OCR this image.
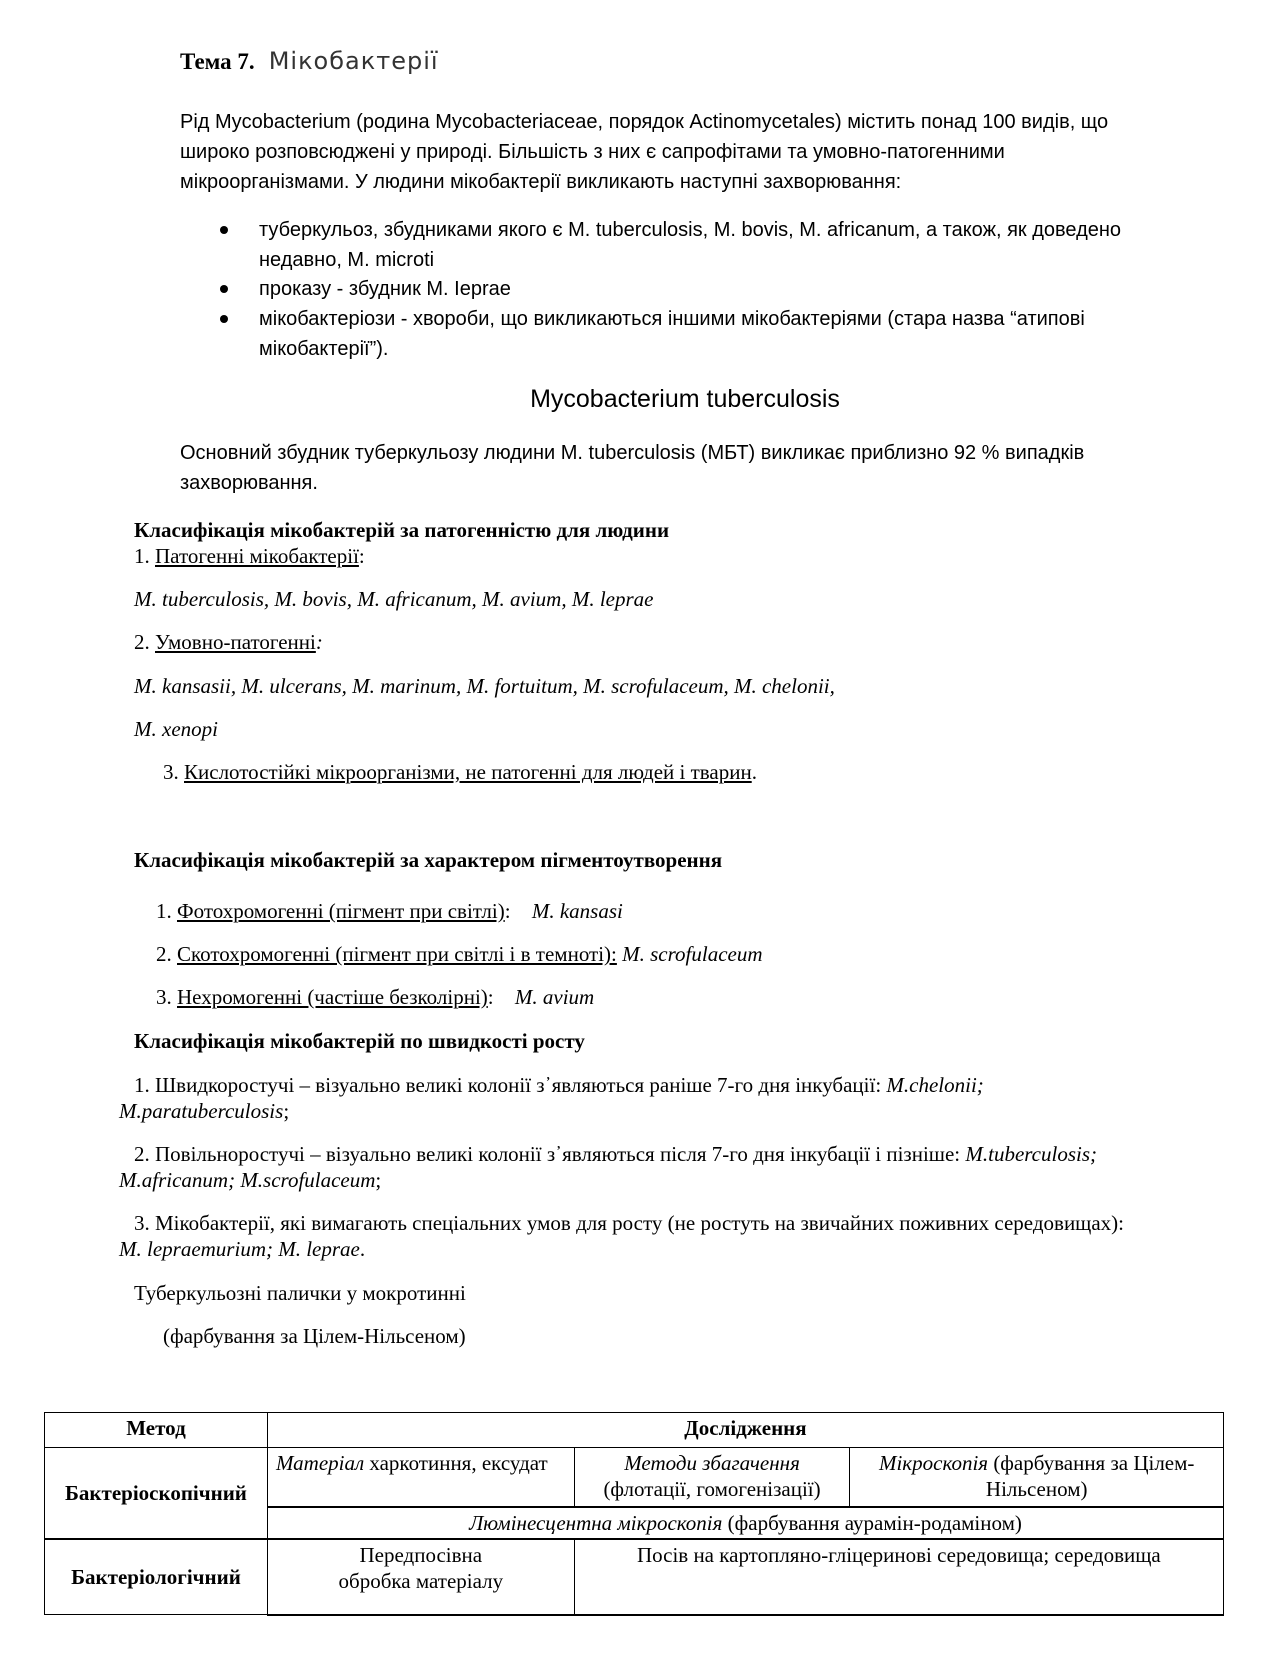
Тема 7. Мікобактерії
Рід Mycobacterium (родина Mycobacteriaceae, порядок Actinomycetales) містить понад 100 видів, що
широко розповсюджені у природі. Більшість з них є сапрофітами та умовно-патогенними
мікроорганізмами. У людини мікобактерії викликають наступні захворювання:
туберкульоз, збудниками якого є M. tuberculosis, M. bovis, M. africanum, а також, як доведено
недавно, M. microti
проказу - збудник M. Ieprae
мікобактеріози - хвороби, що викликаються іншими мікобактеріями (стара назва “атипові
мікобактерії”).
Mycobacterium tuberculosis
Основний збудник туберкульозу людини M. tuberculosis (МБТ) викликає приблизно 92 % випадків
захворювання.
Класифікація мікобактерій за патогенністю для людини
1. Патогенні мікобактерії:
M. tuberculosis, M. bovis, M. africanum, M. avium, M. leprae
2. Умовно-патогенні:
M. kansasii, M. ulcerans, M. marinum, M. fortuitum, M. scrofulaceum, M. chelonii,
M. xenopi
3. Кислотостійкі мікроорганізми, не патогенні для людей і тварин.
Класифікація мікобактерій за характером пігментоутворення
1. Фотохромогенні (пігмент при світлі): M. kansasi
2. Скотохромогенні (пігмент при світлі і в темноті): M. scrofulaceum
3. Нехромогенні (частіше безколірні): M. avium
Класифікація мікобактерій по швидкості росту
1. Швидкоростучі – візуально великі колонії з᾿являються раніше 7-го дня інкубації: M.chelonii;
M.paratuberculosis;
2. Повільноростучі – візуально великі колонії з᾿являються після 7-го дня інкубації і пізніше: M.tuberculosis;
M.africanum; M.scrofulaceum;
3. Мікобактерії, які вимагають спеціальних умов для росту (не ростуть на звичайних поживних середовищах):
M. lepraemurium; M. leprae.
Туберкульозні палички у мокротинні
(фарбування за Цілем-Нільсеном)
Метод	Дослідження		
Бактеріоскопічний	Матеріал харкотиння, ексудат	Методи збагачення
(флотації, гомогенізації)	Мікроскопія (фарбування за Цілем-Нільсеном)
	Люмінесцентна мікроскопія (фарбування аурамін-родаміном)		
Бактеріологічний	Передпосівна
обробка матеріалу	Посів на картопляно-гліцеринові середовища; середовища	
